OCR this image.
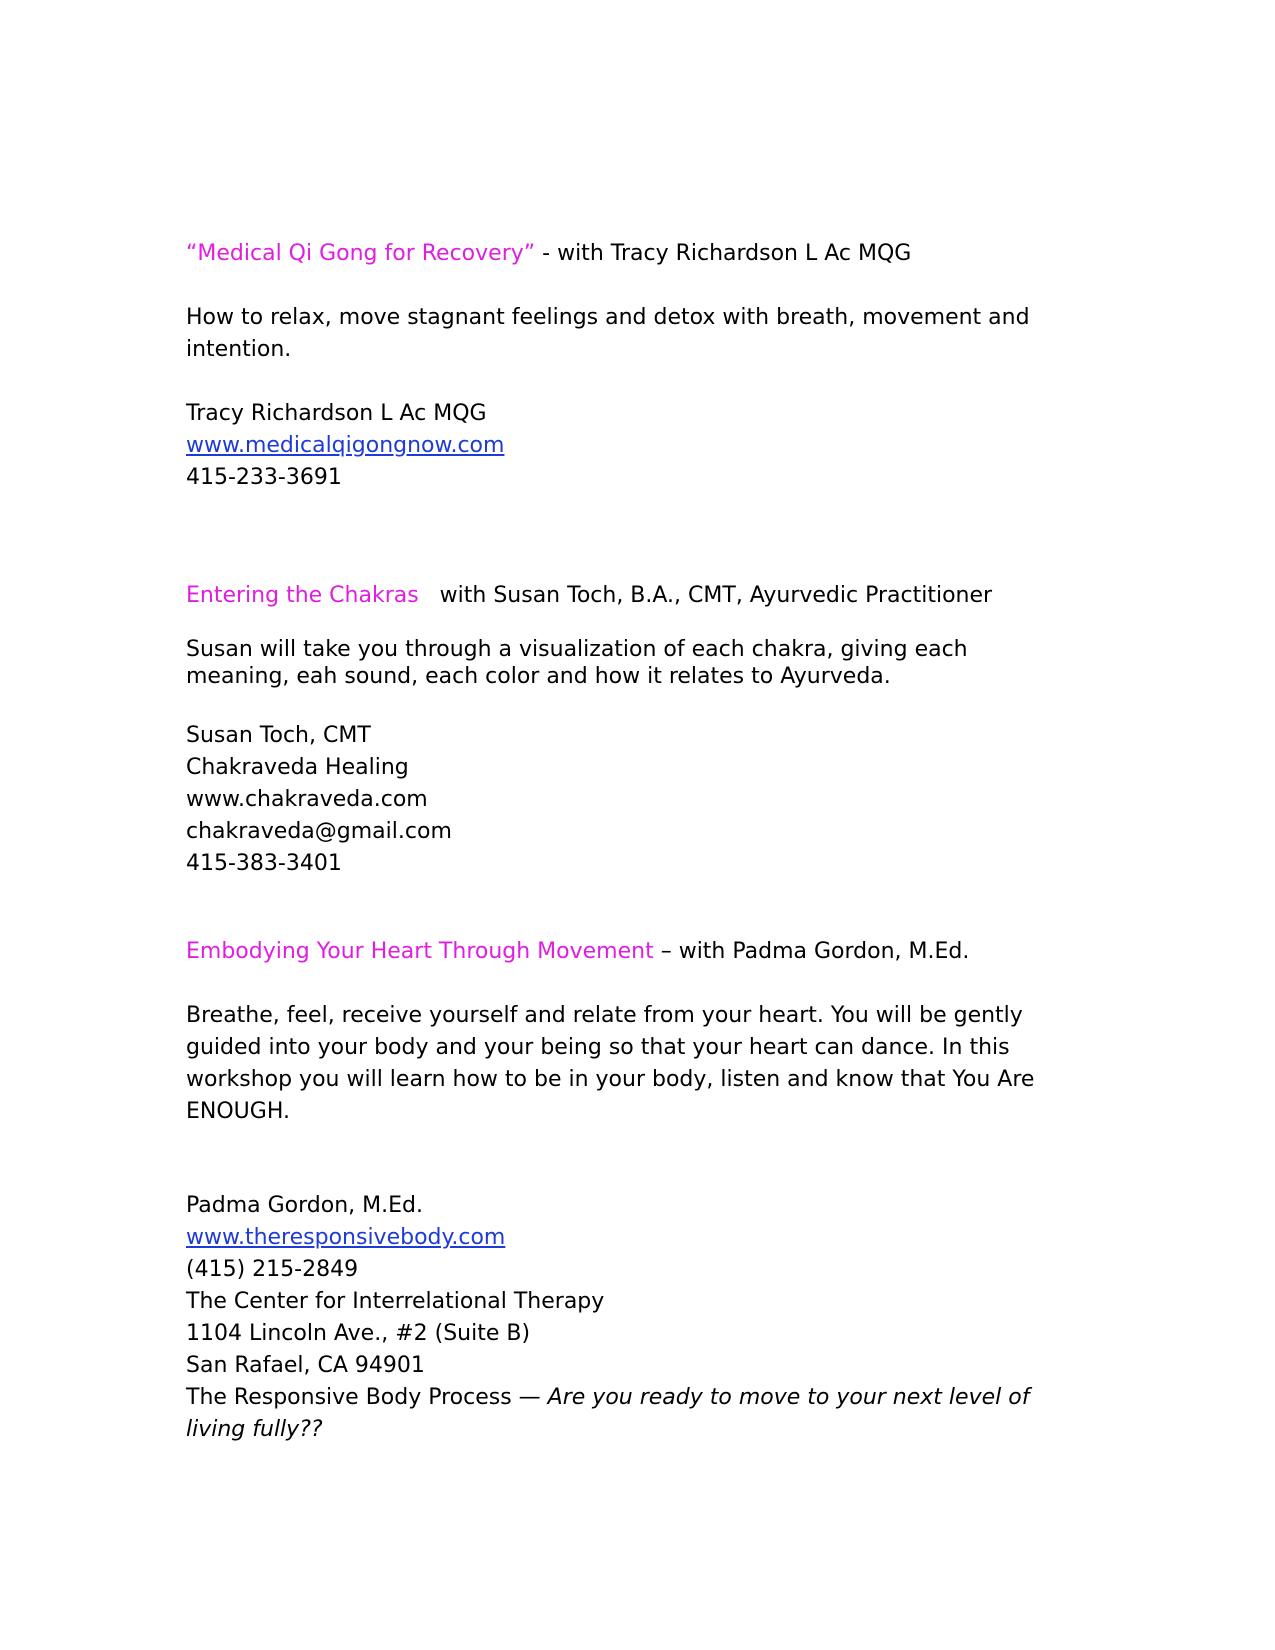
“Medical Qi Gong for Recovery” - with Tracy Richardson L Ac MQG
How to relax, move stagnant feelings and detox with breath, movement and intention.
Tracy Richardson L Ac MQG
www.medicalqigongnow.com
415-233-3691
Entering the Chakras   with Susan Toch, B.A., CMT, Ayurvedic Practitioner
Susan will take you through a visualization of each chakra, giving each meaning, eah sound, each color and how it relates to Ayurveda.
Susan Toch, CMT
Chakraveda Healing
www.chakraveda.com
chakraveda@gmail.com
415-383-3401
Embodying Your Heart Through Movement – with Padma Gordon, M.Ed.
Breathe, feel, receive yourself and relate from your heart. You will be gently guided into your body and your being so that your heart can dance. In this workshop you will learn how to be in your body, listen and know that You Are ENOUGH.
Padma Gordon, M.Ed.
www.theresponsivebody.com
(415) 215-2849
The Center for Interrelational Therapy
1104 Lincoln Ave., #2 (Suite B)
San Rafael, CA 94901
The Responsive Body Process — Are you ready to move to your next level of living fully??
